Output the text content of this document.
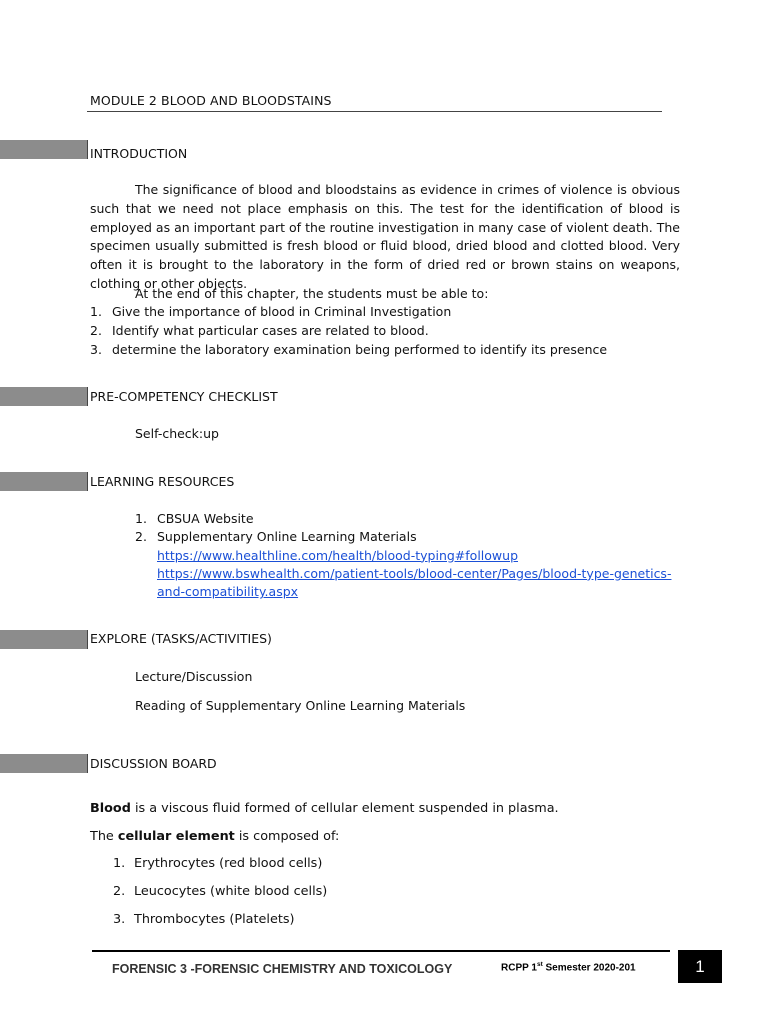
MODULE 2 BLOOD AND BLOODSTAINS
INTRODUCTION

The significance of blood and bloodstains as evidence in crimes of violence is obvious such that we need not place emphasis on this. The test for the identification of blood is employed as an important part of the routine investigation in many case of violent death. The specimen usually submitted is fresh blood or fluid blood, dried blood and clotted blood. Very often it is brought to the laboratory in the form of dried red or brown stains on weapons, clothing or other objects.

At the end of this chapter, the students must be able to:

1. Give the importance of blood in Criminal Investigation
2. Identify what particular cases are related to blood.
3. determine the laboratory examination being performed to identify its presence
PRE-COMPETENCY CHECKLIST
Self-check:up
LEARNING RESOURCES
1. CBSUA Website
2. Supplementary Online Learning Materials
https://www.healthline.com/health/blood-typing#followup
https://www.bswhealth.com/patient-tools/blood-center/Pages/blood-type-genetics-
and-compatibility.aspx
EXPLORE (TASKS/ACTIVITIES)
Lecture/Discussion
Reading of Supplementary Online Learning Materials
DISCUSSION BOARD
Blood is a viscous fluid formed of cellular element suspended in plasma.
The cellular element is composed of:
1. Erythrocytes (red blood cells)
2. Leucocytes (white blood cells)
3. Thrombocytes (Platelets)
FORENSIC 3 -FORENSIC CHEMISTRY AND TOXICOLOGY	RCPP 1st Semester 2020-201	1
